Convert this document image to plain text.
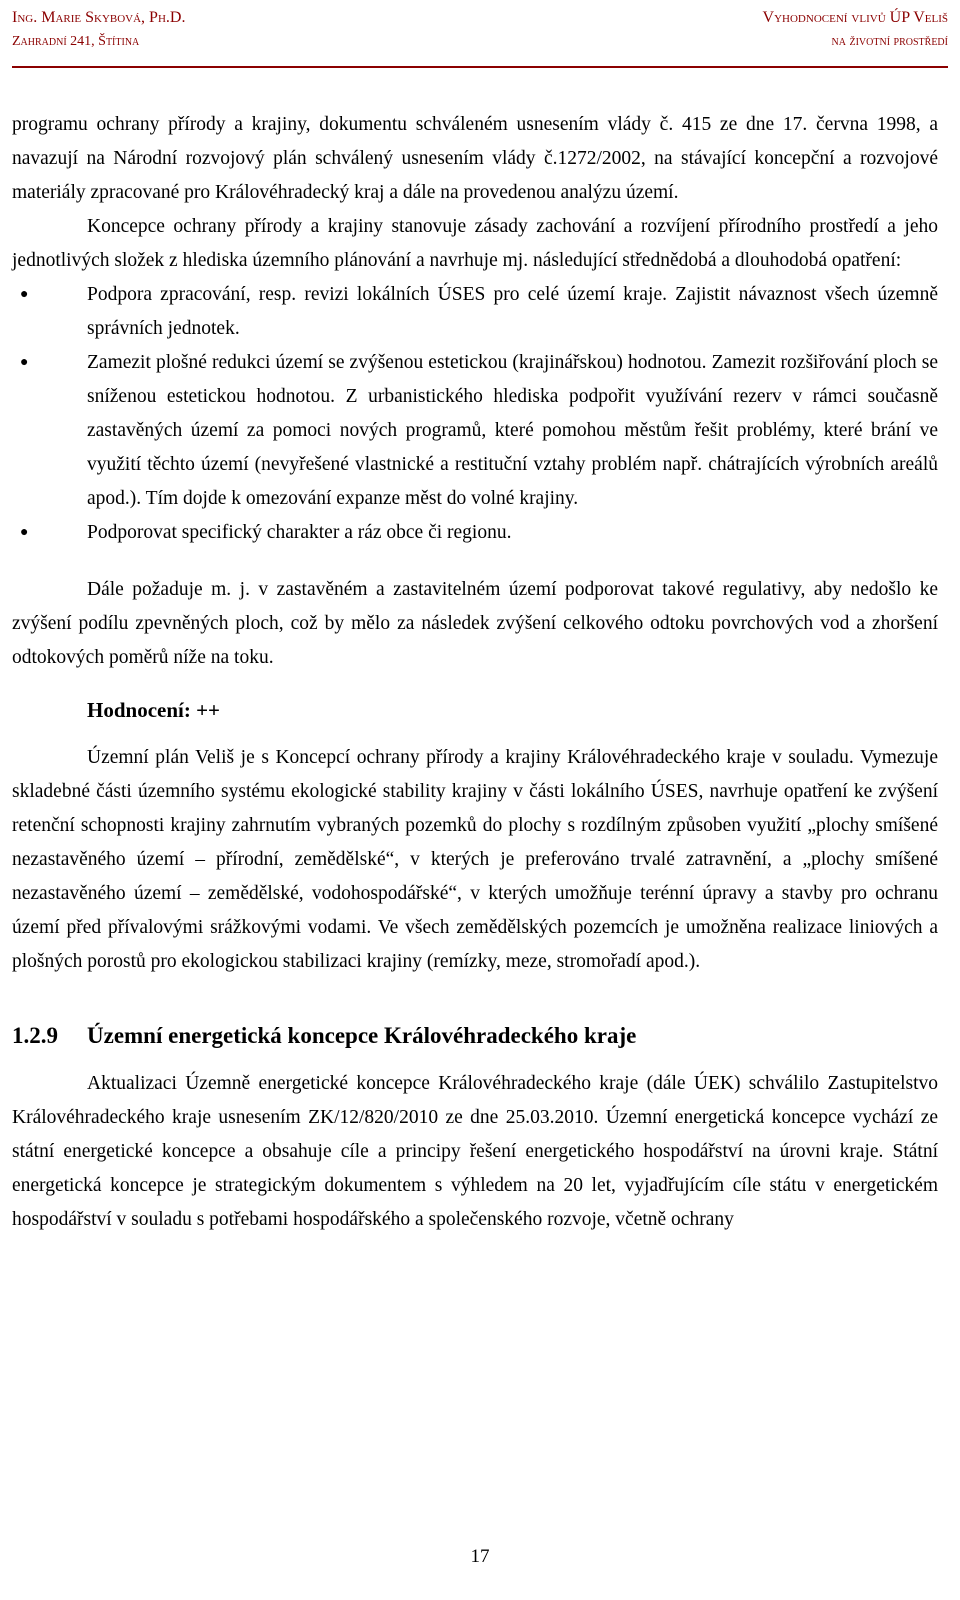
Ing. Marie Skybová, Ph.D.
Zahradní 241, Štítina
Vyhodnocení vlivů ÚP Veliš
na životní prostředí

programu ochrany přírody a krajiny, dokumentu schváleném usnesením vlády č. 415 ze dne 17. června 1998, a navazují na Národní rozvojový plán schválený usnesením vlády č.1272/2002, na stávající koncepční a rozvojové materiály zpracované pro Královéhradecký kraj a dále na provedenou analýzu území.

Koncepce ochrany přírody a krajiny stanovuje zásady zachování a rozvíjení přírodního prostředí a jeho jednotlivých složek z hlediska územního plánování a navrhuje mj. následující střednědobá a dlouhodobá opatření:

●	Podpora zpracování, resp. revizi lokálních ÚSES pro celé území kraje. Zajistit návaznost všech územně správních jednotek.
●	Zamezit plošné redukci území se zvýšenou estetickou (krajinářskou) hodnotou. Zamezit rozšiřování ploch se sníženou estetickou hodnotou. Z urbanistického hlediska podpořit využívání rezerv v rámci současně zastavěných území za pomoci nových programů, které pomohou městům řešit problémy, které brání ve využití těchto území (nevyřešené vlastnické a restituční vztahy problém např. chátrajících výrobních areálů apod.). Tím dojde k omezování expanze měst do volné krajiny.
●	Podporovat specifický charakter a ráz obce či regionu.

Dále požaduje m. j. v zastavěném a zastavitelném území podporovat takové regulativy, aby nedošlo ke zvýšení podílu zpevněných ploch, což by mělo za následek zvýšení celkového odtoku povrchových vod a zhoršení odtokových poměrů níže na toku.

Hodnocení: ++

Územní plán Veliš je s Koncepcí ochrany přírody a krajiny Královéhradeckého kraje v souladu. Vymezuje skladebné části územního systému ekologické stability krajiny v části lokálního ÚSES, navrhuje opatření ke zvýšení retenční schopnosti krajiny zahrnutím vybraných pozemků do plochy s rozdílným způsoben využití „plochy smíšené nezastavěného území – přírodní, zemědělské“, v kterých je preferováno trvalé zatravnění, a „plochy smíšené nezastavěného území – zemědělské, vodohospodářské“, v kterých umožňuje terénní úpravy a stavby pro ochranu území před přívalovými srážkovými vodami. Ve všech zemědělských pozemcích je umožněna realizace liniových a plošných porostů pro ekologickou stabilizaci krajiny (remízky, meze, stromořadí apod.).

1.2.9	Územní energetická koncepce Královéhradeckého kraje

Aktualizaci Územně energetické koncepce Královéhradeckého kraje (dále ÚEK) schválilo Zastupitelstvo Královéhradeckého kraje usnesením ZK/12/820/2010 ze dne 25.03.2010. Územní energetická koncepce vychází ze státní energetické koncepce a obsahuje cíle a principy řešení energetického hospodářství na úrovni kraje. Státní energetická koncepce je strategickým dokumentem s výhledem na 20 let, vyjadřujícím cíle státu v energetickém hospodářství v souladu s potřebami hospodářského a společenského rozvoje, včetně ochrany

17
